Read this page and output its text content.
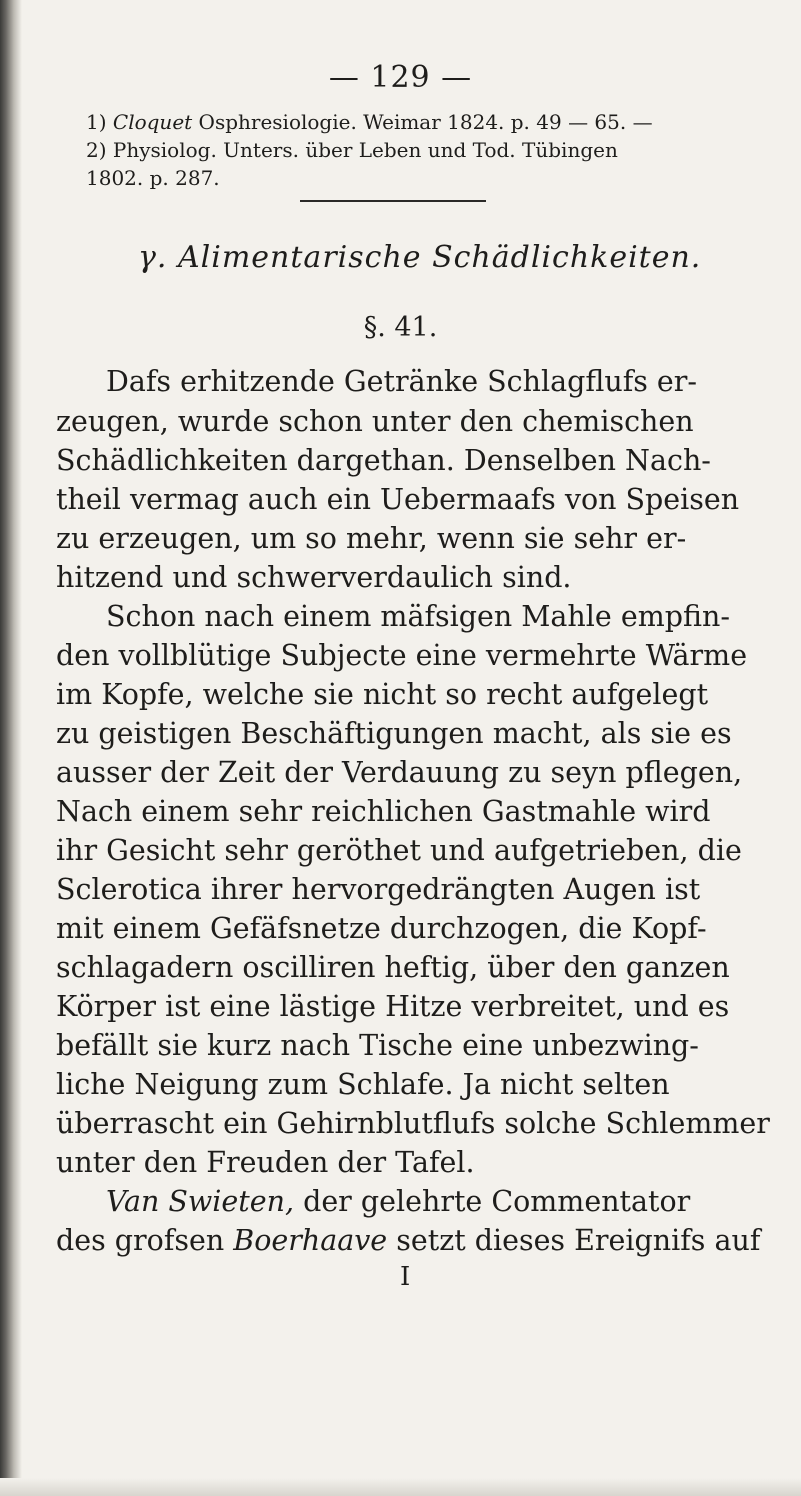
— 129 —
1) Cloquet Osphresiologie. Weimar 1824. p. 49 — 65. —
2) Physiolog. Unters. über Leben und Tod. Tübingen
1802. p. 287.
γ. Alimentarische Schädlichkeiten.
§. 41.
Dafs erhitzende Getränke Schlagflufs er-
zeugen, wurde schon unter den chemischen
Schädlichkeiten dargethan. Denselben Nach-
theil vermag auch ein Uebermaafs von Speisen
zu erzeugen, um so mehr, wenn sie sehr er-
hitzend und schwerverdaulich sind.
Schon nach einem mäfsigen Mahle empfin-
den vollblütige Subjecte eine vermehrte Wärme
im Kopfe, welche sie nicht so recht aufgelegt
zu geistigen Beschäftigungen macht, als sie es
ausser der Zeit der Verdauung zu seyn pflegen,
Nach einem sehr reichlichen Gastmahle wird
ihr Gesicht sehr geröthet und aufgetrieben, die
Sclerotica ihrer hervorgedrängten Augen ist
mit einem Gefäfsnetze durchzogen, die Kopf-
schlagadern oscilliren heftig, über den ganzen
Körper ist eine lästige Hitze verbreitet, und es
befällt sie kurz nach Tische eine unbezwing-
liche Neigung zum Schlafe. Ja nicht selten
überrascht ein Gehirnblutflufs solche Schlemmer
unter den Freuden der Tafel.
Van Swieten, der gelehrte Commentator
des grofsen Boerhaave setzt dieses Ereignifs auf
I
